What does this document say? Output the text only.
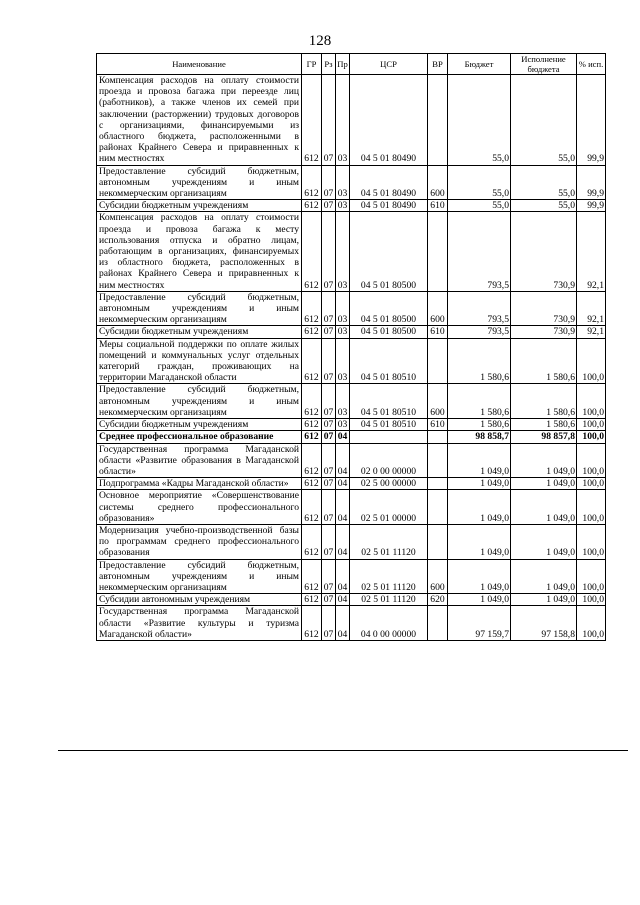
128
Наименование	ГР	Рз	Пр	ЦСР	ВР	Бюджет	Исполнение бюджета	% исп.
Компенсация расходов на оплату стоимости проезда и провоза багажа при переезде лиц (работников), а также членов их семей при заключении (расторжении) трудовых договоров с организациями, финансируемыми из областного бюджета, расположенными в районах Крайнего Севера и приравненных к ним местностях	612	07	03	04 5 01 80490		55,0	55,0	99,9
Предоставление субсидий бюджетным, автономным учреждениям и иным некоммерческим организациям	612	07	03	04 5 01 80490	600	55,0	55,0	99,9
Субсидии бюджетным учреждениям	612	07	03	04 5 01 80490	610	55,0	55,0	99,9
Компенсация расходов на оплату стоимости проезда и провоза багажа к месту использования отпуска и обратно лицам, работающим в организациях, финансируемых из областного бюджета, расположенных в районах Крайнего Севера и приравненных к ним местностях	612	07	03	04 5 01 80500		793,5	730,9	92,1
Предоставление субсидий бюджетным, автономным учреждениям и иным некоммерческим организациям	612	07	03	04 5 01 80500	600	793,5	730,9	92,1
Субсидии бюджетным учреждениям	612	07	03	04 5 01 80500	610	793,5	730,9	92,1
Меры социальной поддержки по оплате жилых помещений и коммунальных услуг отдельных категорий граждан, проживающих на территории Магаданской области	612	07	03	04 5 01 80510		1 580,6	1 580,6	100,0
Предоставление субсидий бюджетным, автономным учреждениям и иным некоммерческим организациям	612	07	03	04 5 01 80510	600	1 580,6	1 580,6	100,0
Субсидии бюджетным учреждениям	612	07	03	04 5 01 80510	610	1 580,6	1 580,6	100,0
Среднее профессиональное образование	612	07	04			98 858,7	98 857,8	100,0
Государственная программа Магаданской области «Развитие образования в Магаданской области»	612	07	04	02 0 00 00000		1 049,0	1 049,0	100,0
Подпрограмма «Кадры Магаданской области»	612	07	04	02 5 00 00000		1 049,0	1 049,0	100,0
Основное мероприятие «Совершенствование системы среднего профессионального образования»	612	07	04	02 5 01 00000		1 049,0	1 049,0	100,0
Модернизация учебно-производственной базы по программам среднего профессионального образования	612	07	04	02 5 01 11120		1 049,0	1 049,0	100,0
Предоставление субсидий бюджетным, автономным учреждениям и иным некоммерческим организациям	612	07	04	02 5 01 11120	600	1 049,0	1 049,0	100,0
Субсидии автономным учреждениям	612	07	04	02 5 01 11120	620	1 049,0	1 049,0	100,0
Государственная программа Магаданской области «Развитие культуры и туризма Магаданской области»	612	07	04	04 0 00 00000		97 159,7	97 158,8	100,0
